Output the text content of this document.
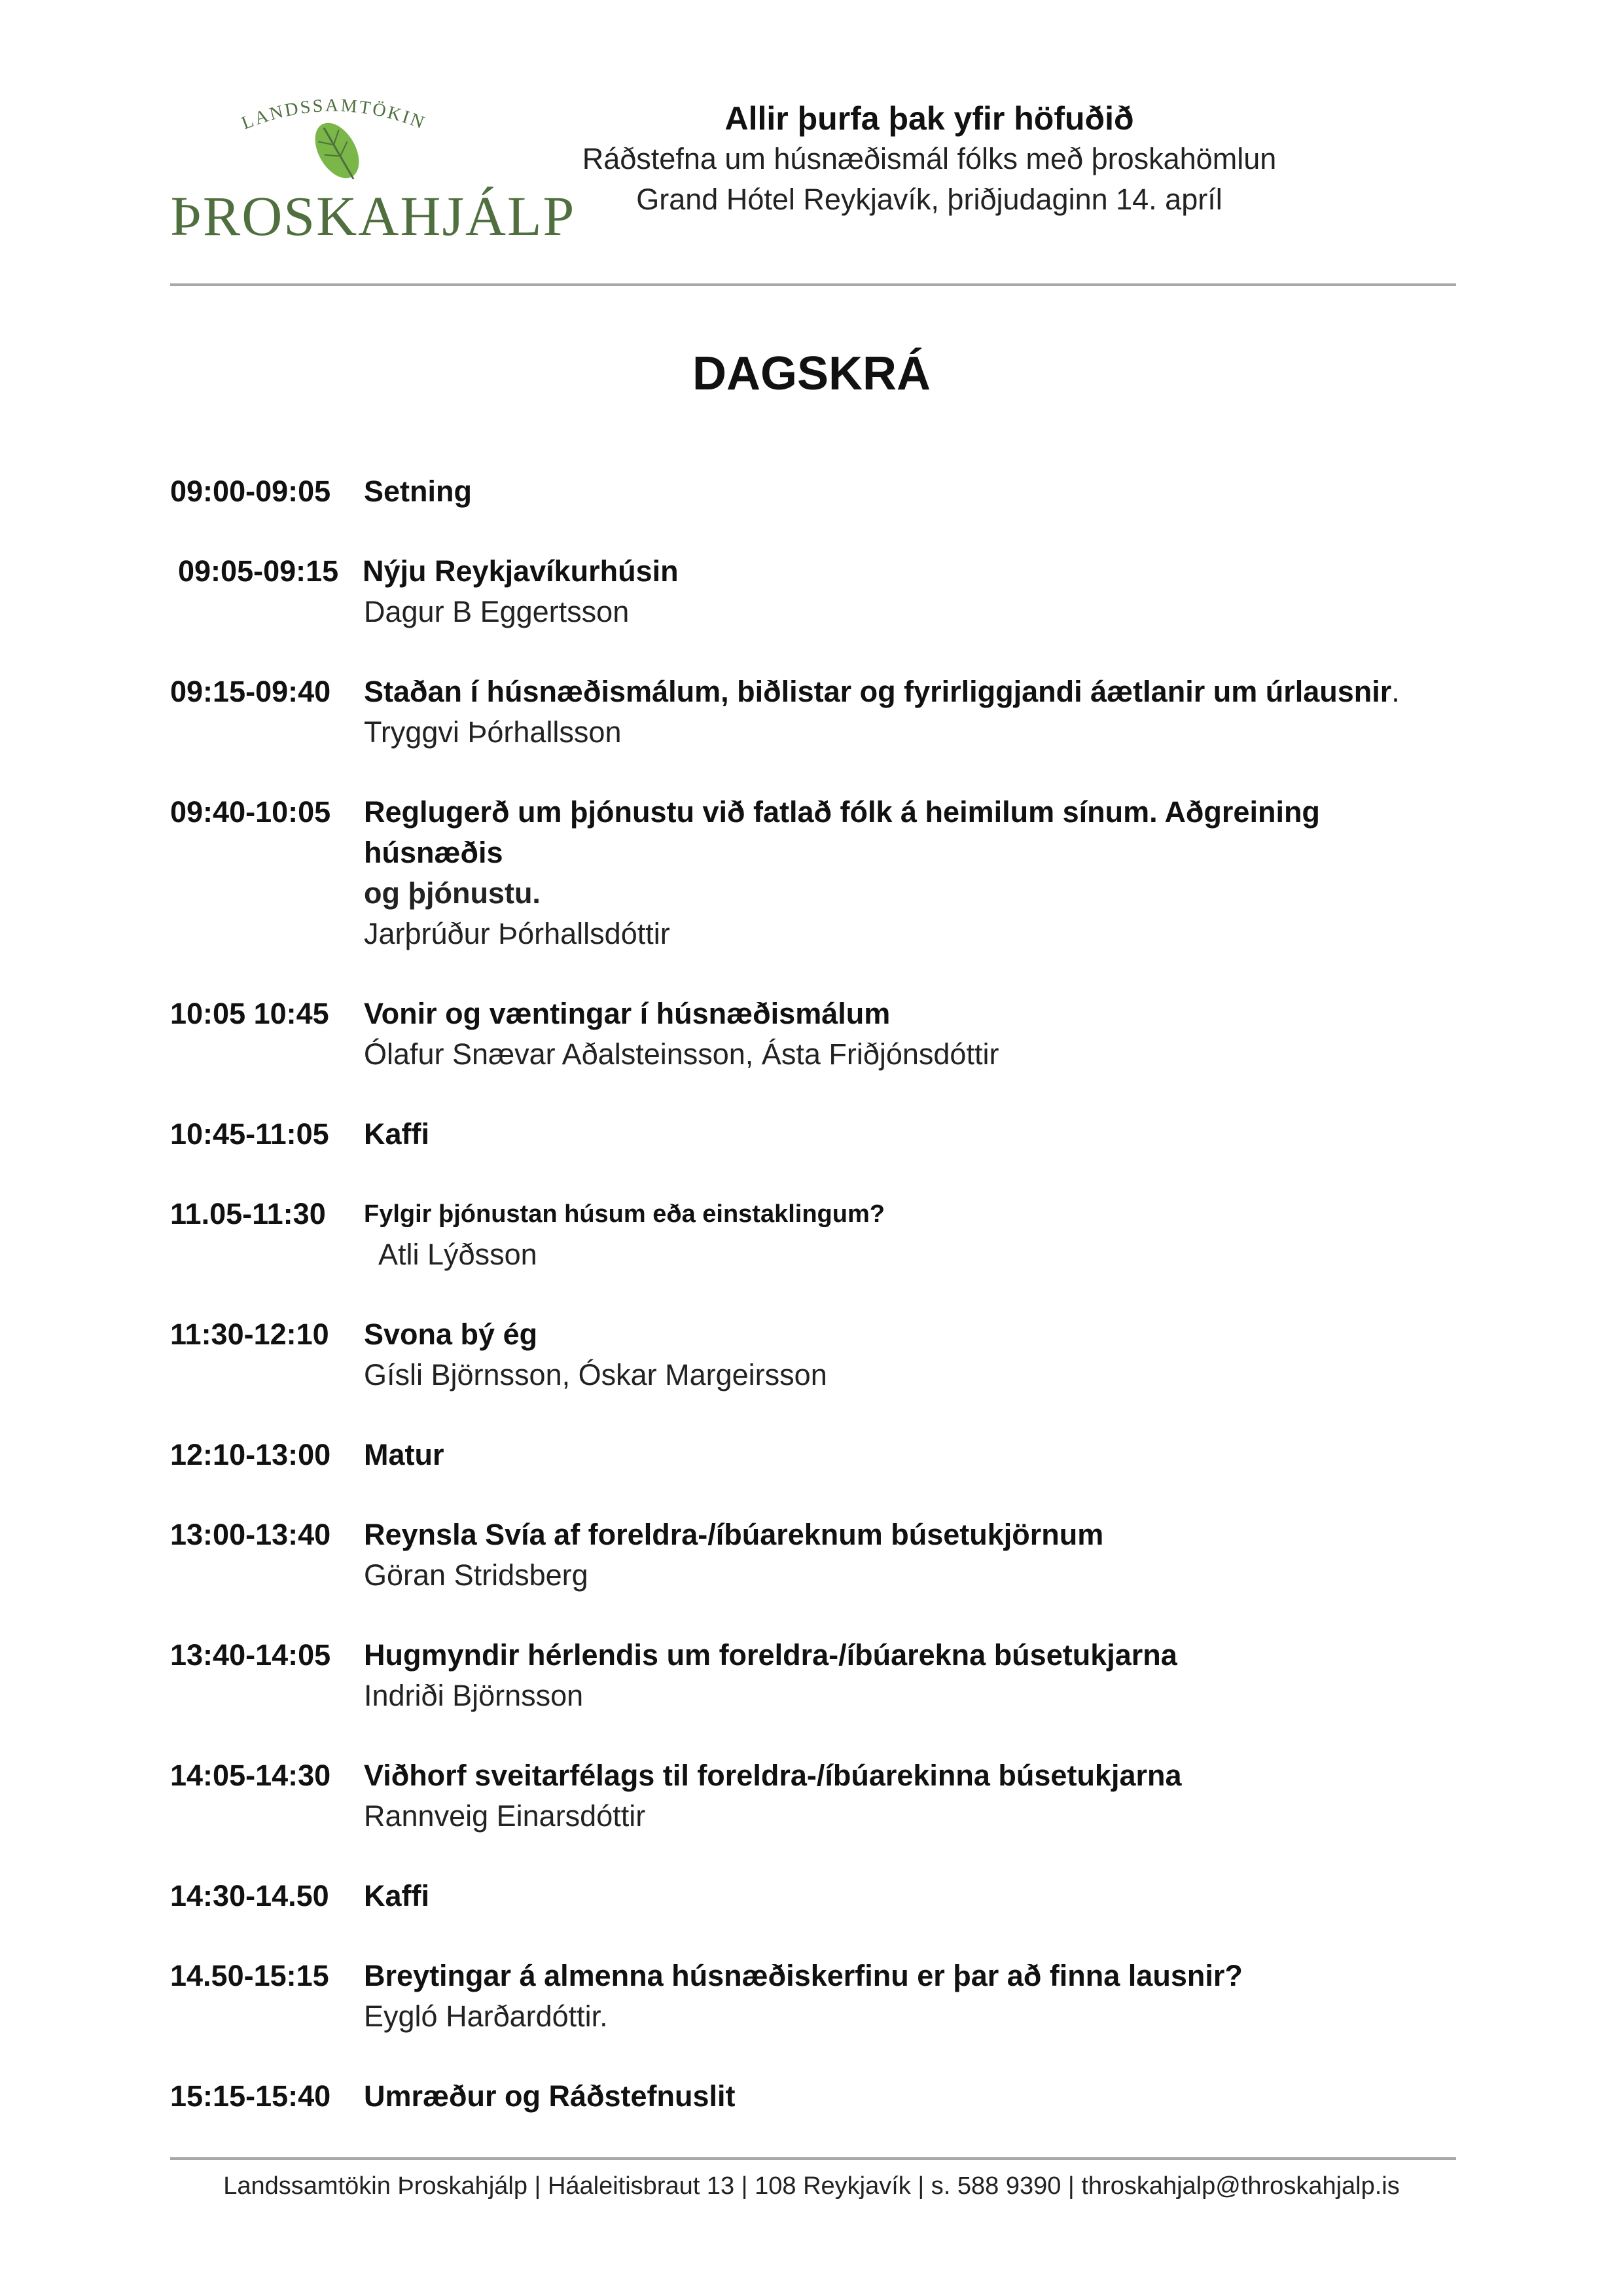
LANDSSAMTÖKIN
ÞROSKAHJÁLP
Allir þurfa þak yfir höfuðið
Ráðstefna um húsnæðismál fólks með þroskahömlun
Grand Hótel Reykjavík, þriðjudaginn 14. apríl
DAGSKRÁ
09:00-09:05	Setning
09:05-09:15 Nýju Reykjavíkurhúsin
Dagur B Eggertsson
09:15-09:40	Staðan í húsnæðismálum, biðlistar og fyrirliggjandi áætlanir um úrlausnir.
Tryggvi Þórhallsson
09:40-10:05	Reglugerð um þjónustu við fatlað fólk á heimilum sínum. Aðgreining húsnæðis
og þjónustu.
Jarþrúður Þórhallsdóttir
10:05 10:45	Vonir og væntingar í húsnæðismálum
Ólafur Snævar Aðalsteinsson, Ásta Friðjónsdóttir
10:45-11:05	Kaffi
11.05-11:30	Fylgir þjónustan húsum eða einstaklingum?
Atli Lýðsson
11:30-12:10	Svona bý ég
Gísli Björnsson, Óskar Margeirsson
12:10-13:00	Matur
13:00-13:40	Reynsla Svía af foreldra-/íbúareknum búsetukjörnum
Göran Stridsberg
13:40-14:05	Hugmyndir hérlendis um foreldra-/íbúarekna búsetukjarna
Indriði Björnsson
14:05-14:30	Viðhorf sveitarfélags til foreldra-/íbúarekinna búsetukjarna
Rannveig Einarsdóttir
14:30-14.50	Kaffi
14.50-15:15	Breytingar á almenna húsnæðiskerfinu er þar að finna lausnir?
Eygló Harðardóttir.
15:15-15:40	Umræður og Ráðstefnuslit
Landssamtökin Þroskahjálp | Háaleitisbraut 13 | 108 Reykjavík | s. 588 9390 | throskahjalp@throskahjalp.is
